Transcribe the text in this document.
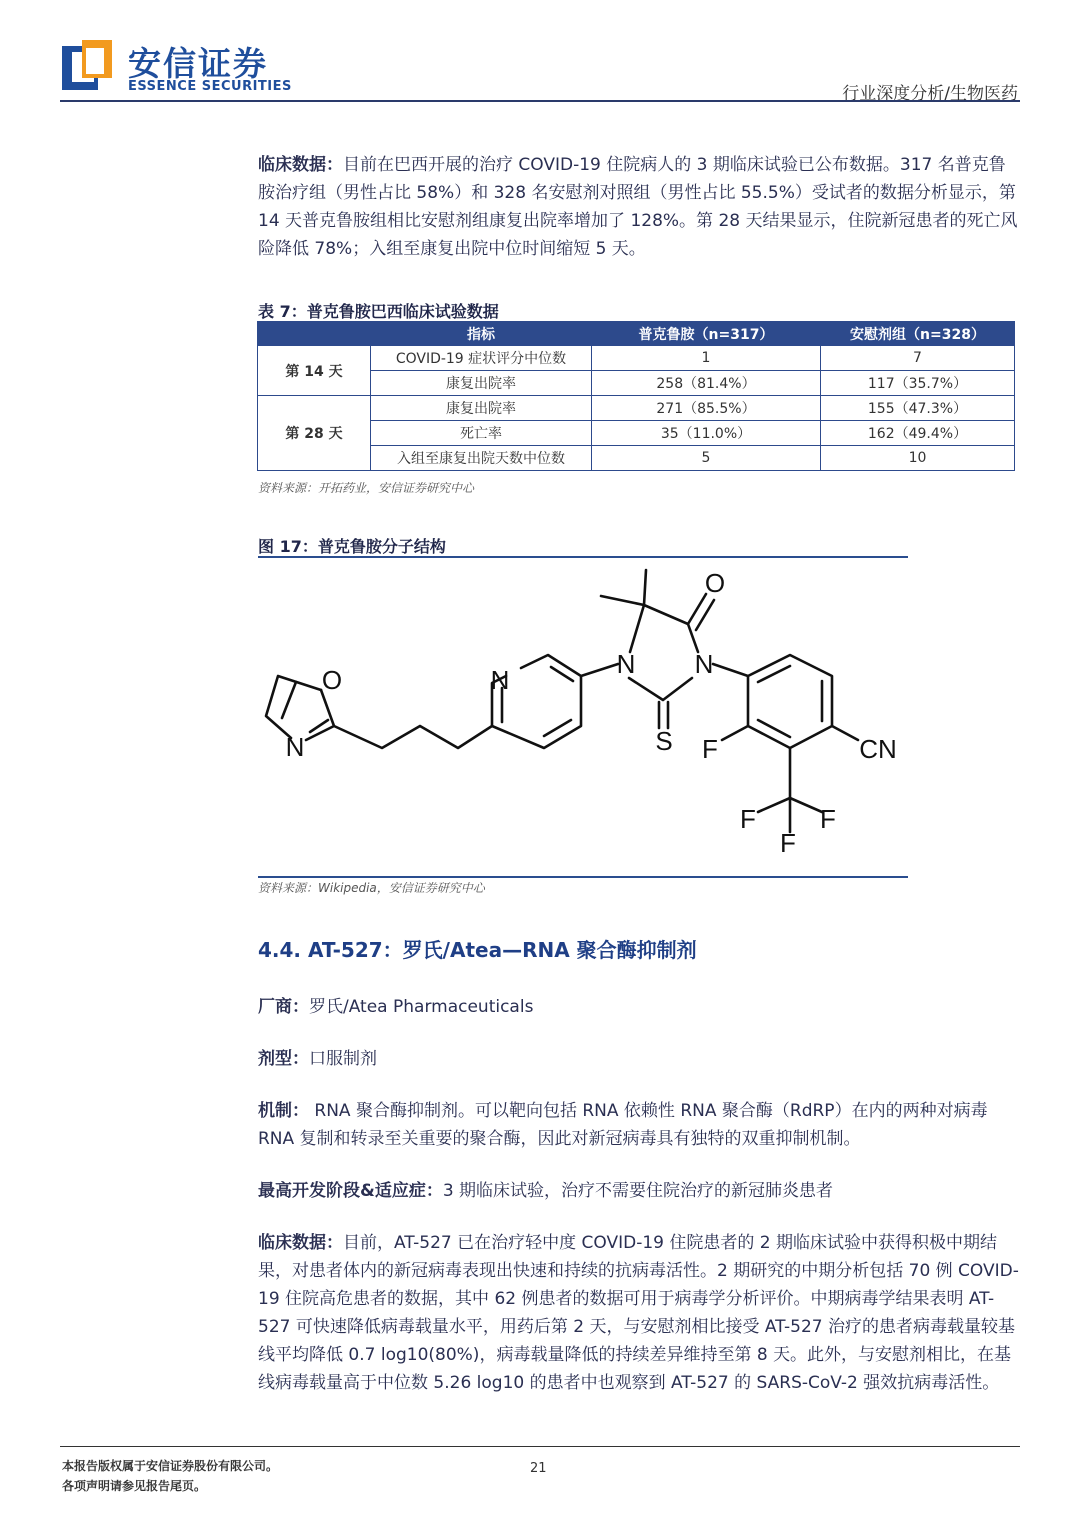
安信证券
ESSENCE SECURITIES	行业深度分析/生物医药
临床数据：目前在巴西开展的治疗 COVID-19 住院病人的 3 期临床试验已公布数据。317 名普克鲁胺治疗组（男性占比 58%）和 328 名安慰剂对照组（男性占比 55.5%）受试者的数据分析显示，第 14 天普克鲁胺组相比安慰剂组康复出院率增加了 128%。第 28 天结果显示，住院新冠患者的死亡风险降低 78%；入组至康复出院中位时间缩短 5 天。
表 7：普克鲁胺巴西临床试验数据
	指标	普克鲁胺（n=317）	安慰剂组（n=328）
第 14 天	COVID-19 症状评分中位数	1	7
	康复出院率	258（81.4%）	117（35.7%）
第 28 天	康复出院率	271（85.5%）	155（47.3%）
	死亡率	35（11.0%）	162（49.4%）
	入组至康复出院天数中位数	5	10
资料来源：开拓药业，安信证券研究中心
图 17：普克鲁胺分子结构
O
N
N
N N
O
S F	CN
F F
F
资料来源：Wikipedia，安信证券研究中心
4.4. AT-527：罗氏/Atea—RNA 聚合酶抑制剂
厂商：罗氏/Atea Pharmaceuticals
剂型：口服制剂
机制： RNA 聚合酶抑制剂。可以靶向包括 RNA 依赖性 RNA 聚合酶（RdRP）在内的两种对病毒 RNA 复制和转录至关重要的聚合酶，因此对新冠病毒具有独特的双重抑制机制。
最高开发阶段&适应症：3 期临床试验，治疗不需要住院治疗的新冠肺炎患者
临床数据：目前，AT-527 已在治疗轻中度 COVID-19 住院患者的 2 期临床试验中获得积极中期结果，对患者体内的新冠病毒表现出快速和持续的抗病毒活性。2 期研究的中期分析包括 70 例 COVID-19 住院高危患者的数据，其中 62 例患者的数据可用于病毒学分析评价。中期病毒学结果表明 AT-527 可快速降低病毒载量水平，用药后第 2 天，与安慰剂相比接受 AT-527 治疗的患者病毒载量较基线平均降低 0.7 log10(80%)，病毒载量降低的持续差异维持至第 8 天。此外，与安慰剂相比，在基线病毒载量高于中位数 5.26 log10 的患者中也观察到 AT-527 的 SARS-CoV-2 强效抗病毒活性。
本报告版权属于安信证券股份有限公司。
各项声明请参见报告尾页。
21
